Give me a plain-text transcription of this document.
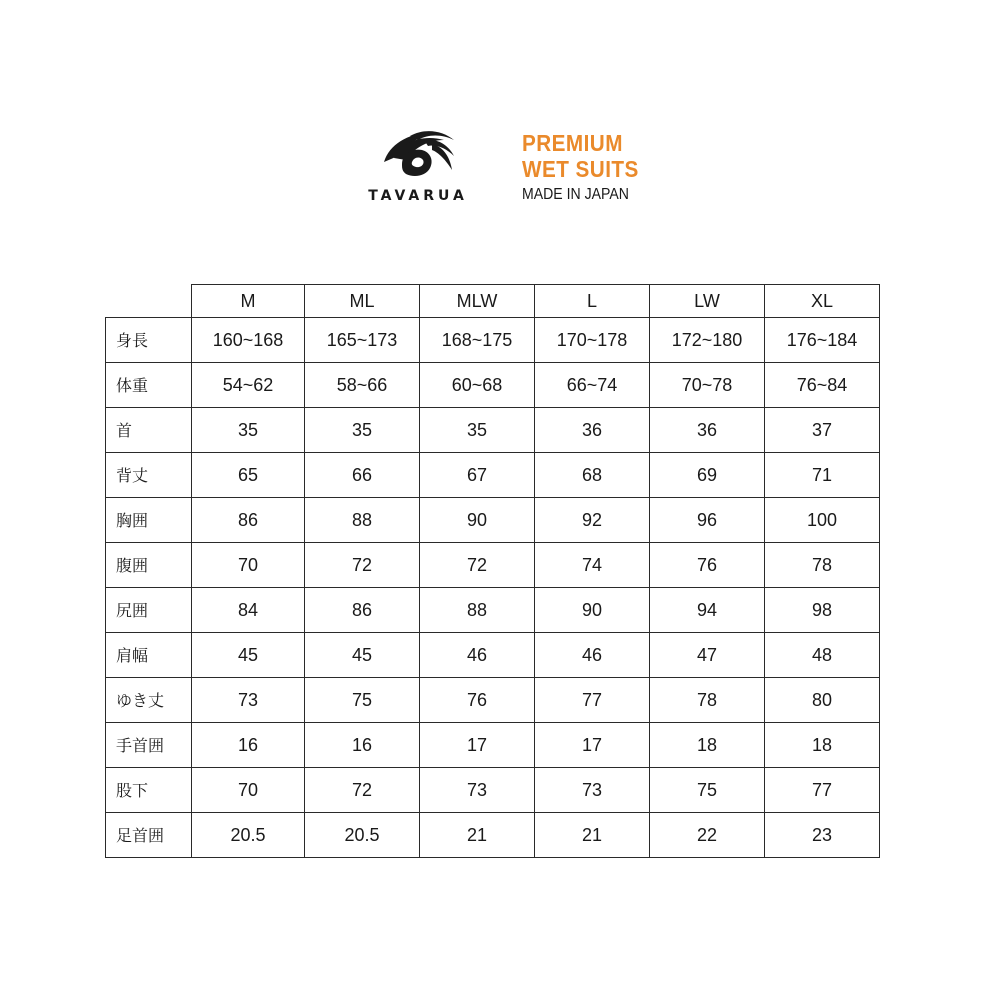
TAVARUA
PREMIUM
WET SUITS
MADE IN JAPAN
	M	ML	MLW	L	LW	XL
身長	160~168	165~173	168~175	170~178	172~180	176~184
体重	54~62	58~66	60~68	66~74	70~78	76~84
首	35	35	35	36	36	37
背丈	65	66	67	68	69	71
胸囲	86	88	90	92	96	100
腹囲	70	72	72	74	76	78
尻囲	84	86	88	90	94	98
肩幅	45	45	46	46	47	48
ゆき丈	73	75	76	77	78	80
手首囲	16	16	17	17	18	18
股下	70	72	73	73	75	77
足首囲	20.5	20.5	21	21	22	23
